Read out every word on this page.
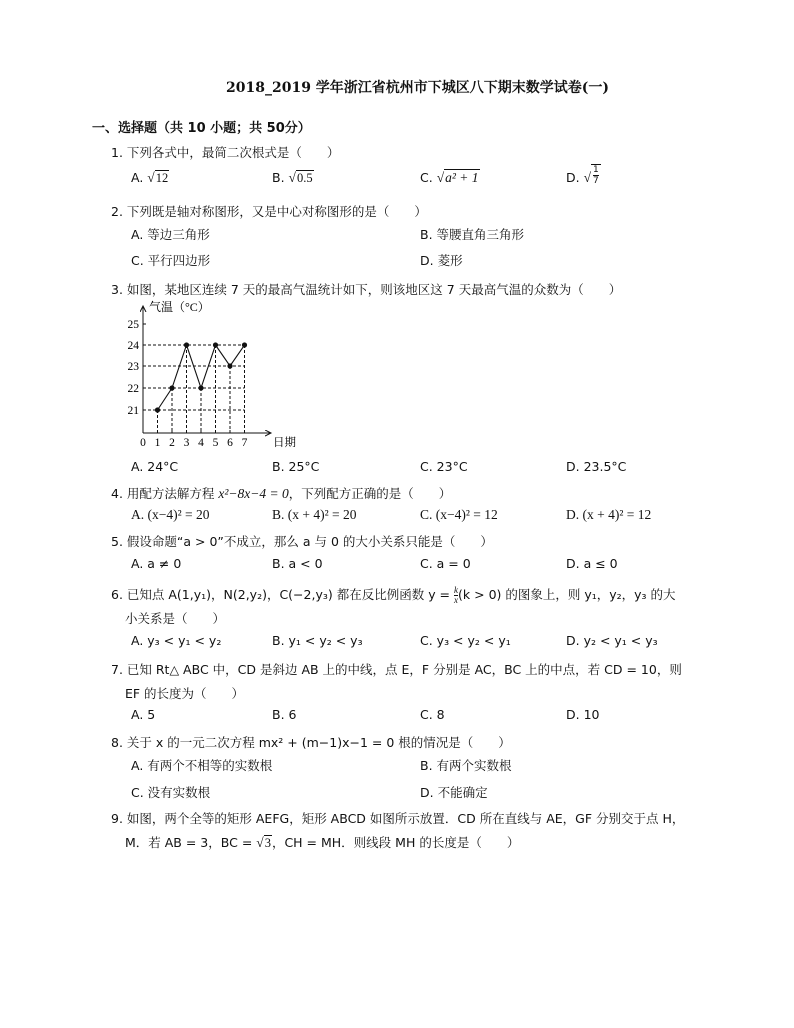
2018_2019 学年浙江省杭州市下城区八下期末数学试卷(一)
一、选择题（共 10 小题；共 50分）
1. 下列各式中，最简二次根式是（　　）
A. √12	B. √0.5	C. √a² + 1	D. √ $\frac{1}{7}$
2. 下列既是轴对称图形，又是中心对称图形的是（　　）
A. 等边三角形	B. 等腰直角三角形
C. 平行四边形	D. 菱形
3. 如图，某地区连续 7 天的最高气温统计如下，则该地区这 7 天最高气温的众数为（　　）
气温（°C）
日期
0 1 2 3 4 5 6 7
21
22
23
24
25
A. 24°C	B. 25°C	C. 23°C	D. 23.5°C
4. 用配方法解方程 x²−8x−4 = 0，下列配方正确的是（　　）
A. (x−4)² = 20	B. (x + 4)² = 20	C. (x−4)² = 12	D. (x + 4)² = 12
5. 假设命题“a > 0”不成立，那么 a 与 0 的大小关系只能是（　　）
A. a ≠ 0	B. a < 0	C. a = 0	D. a ≤ 0
6. 已知点 A(1,y₁)，N(2,y₂)，C(−2,y₃) 都在反比例函数 $y = \frac{k}{x} (k > 0)$ 的图象上，则 y₁，y₂，y₃ 的大
小关系是（　　）
A. y₃ < y₁ < y₂	B. y₁ < y₂ < y₃	C. y₃ < y₂ < y₁	D. y₂ < y₁ < y₃
7. 已知 Rt△ ABC 中，CD 是斜边 AB 上的中线，点 E，F 分别是 AC，BC 上的中点，若 CD = 10，则
EF 的长度为（　　）
A. 5	B. 6	C. 8	D. 10
8. 关于 x 的一元二次方程 mx² + (m−1)x−1 = 0 根的情况是（　　）
A. 有两个不相等的实数根	B. 有两个实数根
C. 没有实数根	D. 不能确定
9. 如图，两个全等的矩形 AEFG，矩形 ABCD 如图所示放置．CD 所在直线与 AE，GF 分别交于点 H，
M．若 AB = 3，BC = √3，CH = MH．则线段 MH 的长度是（　　）
